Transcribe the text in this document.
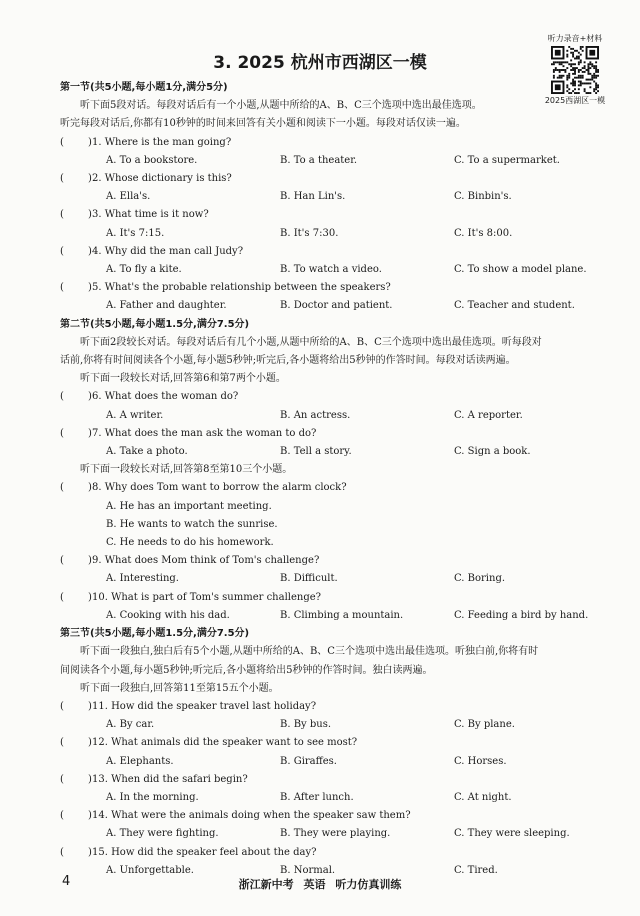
3. 2025 杭州市西湖区一模
听力录音+材料
2025西湖区一模
第一节(共5小题,每小题1分,满分5分)
听下面5段对话。每段对话后有一个小题,从题中所给的A、B、C三个选项中选出最佳选项。
听完每段对话后,你都有10秒钟的时间来回答有关小题和阅读下一小题。每段对话仅读一遍。
( ) 1. Where is the man going?
A. To a bookstore.	B. To a theater.	C. To a supermarket.
( ) 2. Whose dictionary is this?
A. Ella's.	B. Han Lin's.	C. Binbin's.
( ) 3. What time is it now?
A. It's 7:15.	B. It's 7:30.	C. It's 8:00.
( ) 4. Why did the man call Judy?
A. To fly a kite.	B. To watch a video.	C. To show a model plane.
( ) 5. What's the probable relationship between the speakers?
A. Father and daughter.	B. Doctor and patient.	C. Teacher and student.
第二节(共5小题,每小题1.5分,满分7.5分)
听下面2段较长对话。每段对话后有几个小题,从题中所给的A、B、C三个选项中选出最佳选项。听每段对
话前,你将有时间阅读各个小题,每小题5秒钟;听完后,各小题将给出5秒钟的作答时间。每段对话读两遍。
听下面一段较长对话,回答第6和第7两个小题。
( ) 6. What does the woman do?
A. A writer.	B. An actress.	C. A reporter.
( ) 7. What does the man ask the woman to do?
A. Take a photo.	B. Tell a story.	C. Sign a book.
听下面一段较长对话,回答第8至第10三个小题。
( ) 8. Why does Tom want to borrow the alarm clock?
A. He has an important meeting.
B. He wants to watch the sunrise.
C. He needs to do his homework.
( ) 9. What does Mom think of Tom's challenge?
A. Interesting.	B. Difficult.	C. Boring.
( ) 10. What is part of Tom's summer challenge?
A. Cooking with his dad.	B. Climbing a mountain.	C. Feeding a bird by hand.
第三节(共5小题,每小题1.5分,满分7.5分)
听下面一段独白,独白后有5个小题,从题中所给的A、B、C三个选项中选出最佳选项。听独白前,你将有时
间阅读各个小题,每小题5秒钟;听完后,各小题将给出5秒钟的作答时间。独白读两遍。
听下面一段独白,回答第11至第15五个小题。
( ) 11. How did the speaker travel last holiday?
A. By car.	B. By bus.	C. By plane.
( ) 12. What animals did the speaker want to see most?
A. Elephants.	B. Giraffes.	C. Horses.
( ) 13. When did the safari begin?
A. In the morning.	B. After lunch.	C. At night.
( ) 14. What were the animals doing when the speaker saw them?
A. They were fighting.	B. They were playing.	C. They were sleeping.
( ) 15. How did the speaker feel about the day?
A. Unforgettable.	B. Normal.	C. Tired.
4	浙江新中考 英语 听力仿真训练
